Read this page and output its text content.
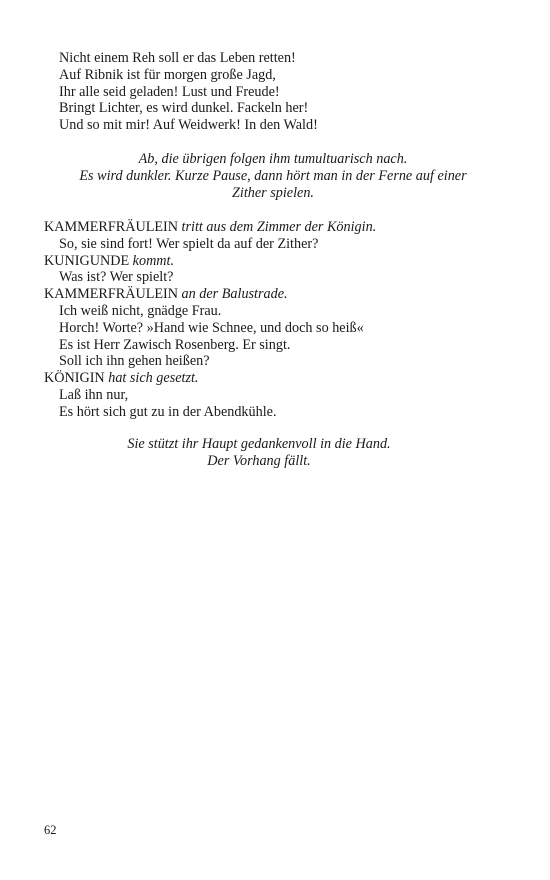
Nicht einem Reh soll er das Leben retten!
Auf Ribnik ist für morgen große Jagd,
Ihr alle seid geladen! Lust und Freude!
Bringt Lichter, es wird dunkel. Fackeln her!
Und so mit mir! Auf Weidwerk! In den Wald!
Ab, die übrigen folgen ihm tumultuarisch nach.
Es wird dunkler. Kurze Pause, dann hört man in der Ferne auf einer
Zither spielen.
KAMMERFRÄULEIN tritt aus dem Zimmer der Königin.
So, sie sind fort! Wer spielt da auf der Zither?
KUNIGUNDE kommt.
Was ist? Wer spielt?
KAMMERFRÄULEIN an der Balustrade.
Ich weiß nicht, gnädge Frau.
Horch! Worte? »Hand wie Schnee, und doch so heiß«
Es ist Herr Zawisch Rosenberg. Er singt.
Soll ich ihn gehen heißen?
KÖNIGIN hat sich gesetzt.
Laß ihn nur,
Es hört sich gut zu in der Abendkühle.
Sie stützt ihr Haupt gedankenvoll in die Hand.
Der Vorhang fällt.
62
